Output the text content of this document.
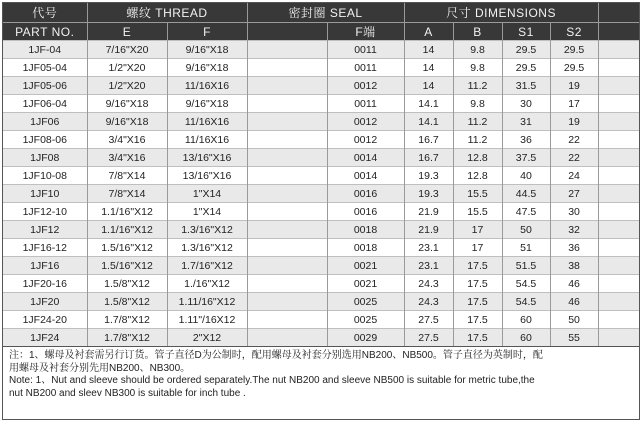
代号	螺纹 THREAD		密封圈 SEAL		尺寸 DIMENSIONS				
PART NO.	E	F		F端	A	B	S1	S2	
1JF-04	7/16"X20	9/16"X18		0011	14	9.8	29.5	29.5	
1JF05-04	1/2"X20	9/16"X18		0011	14	9.8	29.5	29.5	
1JF05-06	1/2"X20	11/16X16		0012	14	11.2	31.5	19	
1JF06-04	9/16"X18	9/16"X18		0011	14.1	9.8	30	17	
1JF06	9/16"X18	11/16X16		0012	14.1	11.2	31	19	
1JF08-06	3/4"X16	11/16X16		0012	16.7	11.2	36	22	
1JF08	3/4"X16	13/16"X16		0014	16.7	12.8	37.5	22	
1JF10-08	7/8"X14	13/16"X16		0014	19.3	12.8	40	24	
1JF10	7/8"X14	1"X14		0016	19.3	15.5	44.5	27	
1JF12-10	1.1/16"X12	1"X14		0016	21.9	15.5	47.5	30	
1JF12	1.1/16"X12	1.3/16"X12		0018	21.9	17	50	32	
1JF16-12	1.5/16"X12	1.3/16"X12		0018	23.1	17	51	36	
1JF16	1.5/16"X12	1.7/16"X12		0021	23.1	17.5	51.5	38	
1JF20-16	1.5/8"X12	1./16"X12		0021	24.3	17.5	54.5	46	
1JF20	1.5/8"X12	1.11/16"X12		0025	24.3	17.5	54.5	46	
1JF24-20	1.7/8"X12	1.11"/16X12		0025	27.5	17.5	60	50	
1JF24	1.7/8"X12	2"X12		0029	27.5	17.5	60	55	
注：1、螺母及衬套需另行订货。管子直径D为公制时，配用螺母及衬套分别选用NB200、NB500。管子直径为英制时，配
用螺母及衬套分别先用NB200、NB300。
Note: 1、Nut and sleeve should be ordered separately.The nut NB200 and sleeve NB500 is suitable for metric tube,the
nut NB200 and sleev NB300 is suitable for inch tube .
